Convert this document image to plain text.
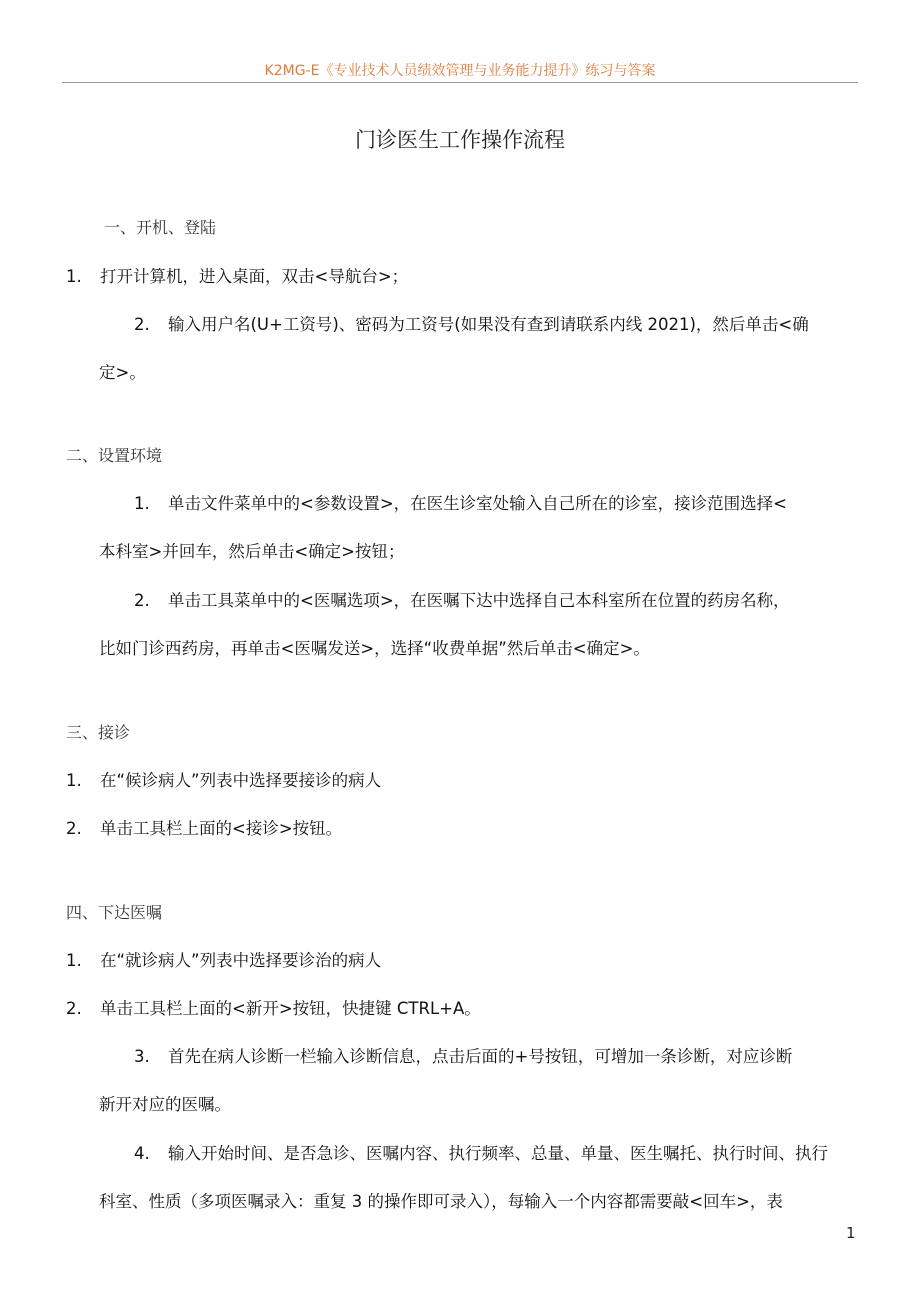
K2MG-E《专业技术人员绩效管理与业务能力提升》练习与答案
门诊医生工作操作流程
一、开机、登陆
1. 打开计算机，进入桌面，双击<导航台>；
2. 输入用户名(U+工资号)、密码为工资号(如果没有查到请联系内线 2021)，然后单击<确
定>。
二、设置环境
1. 单击文件菜单中的<参数设置>，在医生诊室处输入自己所在的诊室，接诊范围选择<
本科室>并回车，然后单击<确定>按钮；
2. 单击工具菜单中的<医嘱选项>，在医嘱下达中选择自己本科室所在位置的药房名称，
比如门诊西药房，再单击<医嘱发送>，选择“收费单据”然后单击<确定>。
三、接诊
1. 在“候诊病人”列表中选择要接诊的病人
2. 单击工具栏上面的<接诊>按钮。
四、下达医嘱
1. 在“就诊病人”列表中选择要诊治的病人
2. 单击工具栏上面的<新开>按钮，快捷键 CTRL+A。
3. 首先在病人诊断一栏输入诊断信息，点击后面的+号按钮，可增加一条诊断，对应诊断
新开对应的医嘱。
4. 输入开始时间、是否急诊、医嘱内容、执行频率、总量、单量、医生嘱托、执行时间、执行
科室、性质（多项医嘱录入：重复 3 的操作即可录入），每输入一个内容都需要敲<回车>，表
1
